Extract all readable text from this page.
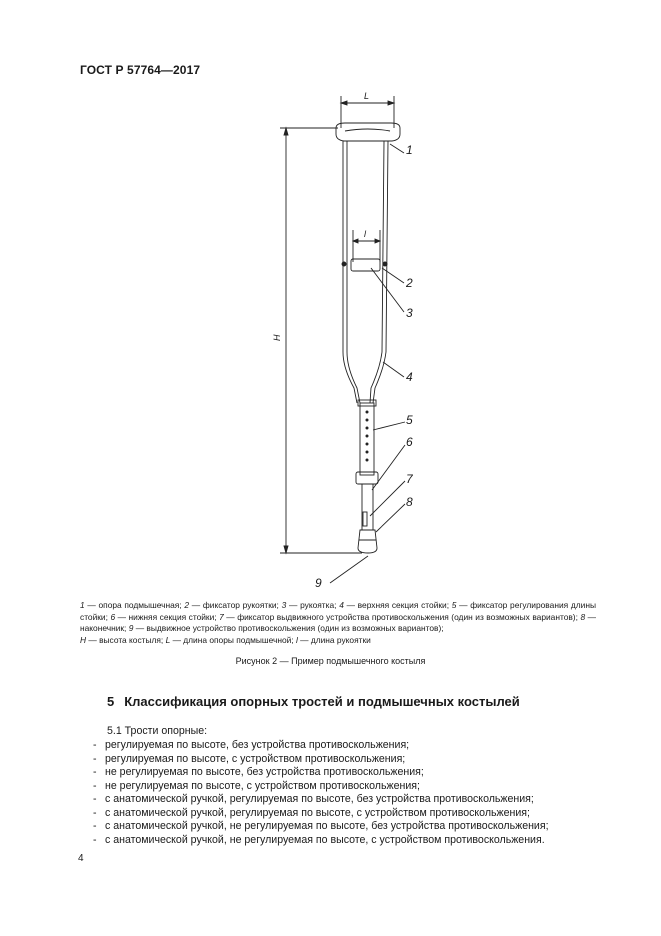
ГОСТ Р 57764—2017
L
l
H
1
2
3
4
5
6
7
8
9
1 — опора подмышечная; 2 — фиксатор рукоятки; 3 — рукоятка; 4 — верхняя секция стойки; 5 — фиксатор регулирования длины стойки; 6 — нижняя секция стойки; 7 — фиксатор выдвижного устройства противоскольжения (один из возможных вариантов); 8 — наконечник; 9 — выдвижное устройство противоскольжения (один из возможных вариантов);
H — высота костыля; L — длина опоры подмышечной; l — длина рукоятки
Рисунок 2 — Пример подмышечного костыля
5 Классификация опорных тростей и подмышечных костылей
5.1 Трости опорные:
- регулируемая по высоте, без устройства противоскольжения;
- регулируемая по высоте, с устройством противоскольжения;
- не регулируемая по высоте, без устройства противоскольжения;
- не регулируемая по высоте, с устройством противоскольжения;
- с анатомической ручкой, регулируемая по высоте, без устройства противоскольжения;
- с анатомической ручкой, регулируемая по высоте, с устройством противоскольжения;
- с анатомической ручкой, не регулируемая по высоте, без устройства противоскольжения;
- с анатомической ручкой, не регулируемая по высоте, с устройством противоскольжения.
4
